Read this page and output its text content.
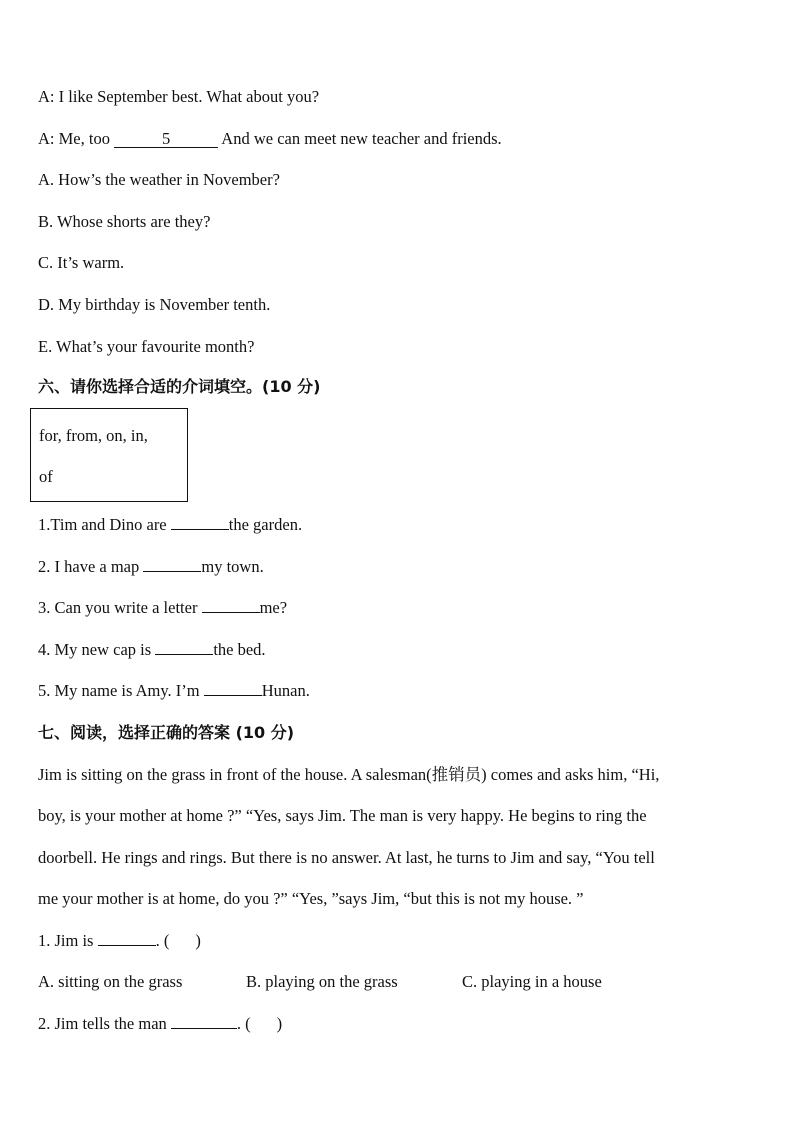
A: I like September best. What about you?
A: Me, too	5	And we can meet new teacher and friends.
A. How’s the weather in November?
B. Whose shorts are they?
C. It’s warm.
D. My birthday is November tenth.
E. What’s your favourite month?
六、请你选择合适的介词填空。(10 分)
for, from, on, in,
of
1.Tim and Dino are	the garden.
2. I have a map	my town.
3. Can you write a letter	me?
4. My new cap is	the bed.
5. My name is Amy. I’m	Hunan.
七、阅读，选择正确的答案 (10 分)
Jim is sitting on the grass in front of the house. A salesman(推销员) comes and asks him, “Hi,
boy, is your mother at home ?” “Yes, says Jim. The man is very happy. He begins to ring the
doorbell. He rings and rings. But there is no answer. At last, he turns to Jim and say, “You tell
me your mother is at home, do you ?” “Yes, ”says Jim, “but this is not my house. ”
1. Jim is	. ( )
A. sitting on the grass	B. playing on the grass	C. playing in a house
2. Jim tells the man	. ( )
